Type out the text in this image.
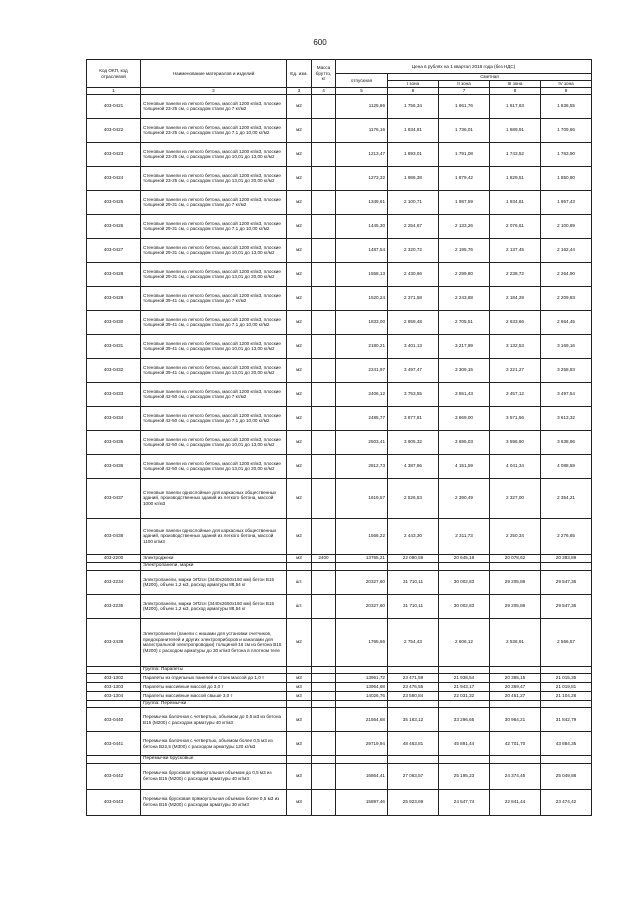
600
Код ОКП, код отраслевой	Наименование материалов и изделий	Ед. изм.	Масса брутто, кг	Цена в рублях на 1 квартал 2018 года (без НДС)				
				отпускная	Сметная			
					I зона	II зона	III зона	IV зона
1	2	3	4	5	6	7	8	9
403-0421	Стеновые панели из легкого бетона, массой 1200 кг/м3, плоские толщиной 23-25 см, с расходом стали до 7 кг/м2	м2		1125,86	1 756,34	1 661,76	1 617,63	1 636,55
403-0422	Стеновые панели из легкого бетона, массой 1200 кг/м3, плоские толщиной 23-25 см, с расходом стали до 7,1 до 10,00 кг/м2	м2		1176,16	1 834,81	1 736,01	1 689,91	1 709,66
403-0423	Стеновые панели из легкого бетона, массой 1200 кг/м3, плоские толщиной 23-25 см, с расходом стали до 10,01 до 13,00 кг/м2	м2		1213,47	1 893,01	1 791,08	1 743,52	1 763,90
403-0424	Стеновые панели из легкого бетона, массой 1200 кг/м3, плоские толщиной 23-25 см, с расходом стали до 13,01 до 20,00 кг/м2	м2		1273,32	1 986,38	1 879,42	1 829,51	1 850,90
403-0425	Стеновые панели из легкого бетона, массой 1200 кг/м3, плоские толщиной 29-31 см, с расходом стали до 7 кг/м2	м2		1349,61	2 100,71	1 987,59	1 934,81	1 957,43
403-0426	Стеновые панели из легкого бетона, массой 1200 кг/м3, плоские толщиной 29-31 см, с расходом стали до 7,1 до 10,00 кг/м2	м2		1445,30	2 254,67	2 133,26	2 076,61	2 100,89
403-0427	Стеновые панели из легкого бетона, массой 1200 кг/м3, плоские толщиной 29-31 см, с расходом стали до 10,01 до 13,00 кг/м2	м2		1487,54	2 320,72	2 195,76	2 137,45	2 162,44
403-0428	Стеновые панели из легкого бетона, массой 1200 кг/м3, плоские толщиной 29-31 см, с расходом стали до 13,01 до 20,00 кг/м2	м2		1558,13	2 430,66	2 299,80	2 238,72	2 264,90
403-0429	Стеновые панели из легкого бетона, массой 1200 кг/м3, плоские толщиной 39-41 см, с расходом стали до 7 кг/м2	м2		1520,24	2 371,58	2 243,88	2 184,29	2 209,83
403-0430	Стеновые панели из легкого бетона, массой 1200 кг/м3, плоские толщиной 39-41 см, с расходом стали до 7,1 до 10,00 кг/м2	м2		1833,00	2 859,48	2 705,51	2 633,66	2 664,45
403-0431	Стеновые панели из легкого бетона, массой 1200 кг/м3, плоские толщиной 39-41 см, с расходом стали до 10,01 до 13,00 кг/м2	м2		2180,21	3 401,13	3 217,99	3 132,53	3 169,16
403-0432	Стеновые панели из легкого бетона, массой 1200 кг/м3, плоские толщиной 39-41 см, с расходом стали до 13,01 до 20,00 кг/м2	м2		2241,97	3 497,47	3 309,15	3 221,27	3 258,93
403-0433	Стеновые панели из легкого бетона, массой 1200 кг/м3, плоские толщиной 42-50 см, с расходом стали до 7 кг/м2	м2		2406,12	3 753,55	3 551,43	3 457,12	3 497,54
403-0434	Стеновые панели из легкого бетона, массой 1200 кг/м3, плоские толщиной 42-50 см, с расходом стали до 7,1 до 10,00 кг/м2	м2		2485,77	3 877,81	3 669,00	3 571,56	3 613,32
403-0435	Стеновые панели из легкого бетона, массой 1200 кг/м3, плоские толщиной 42-50 см, с расходом стали до 10,01 до 13,00 кг/м2	м2		2503,41	3 905,32	3 695,03	3 596,90	3 638,96
403-0436	Стеновые панели из легкого бетона, массой 1200 кг/м3, плоские толщиной 42-50 см, с расходом стали до 13,01 до 20,00 кг/м2	м2		2812,73	4 387,86	4 151,59	4 041,34	4 088,59
403-0437	Стеновые панели однослойные для каркасных общественных зданий, производственных зданий из легкого бетона, массой 1000 кг/м3	м2		1619,57	2 526,53	2 390,49	2 327,00	2 354,21
403-0438	Стеновые панели однослойные для каркасных общественных зданий, производственных зданий из легкого бетона, массой 1100 кг/м3	м2		1566,22	2 443,30	2 311,73	2 250,34	2 276,65
403-2200	Электроджеки	м3	2400	13765,21	22 090,59	20 645,19	20 078,62	20 383,89
	Электропанели, марки							
403-2234	Электропанели, марки ЭП2сн (3440х2650х160 мм) бетон В15 (М200), объем 1,2 м3, расход арматуры 88,54 кг	шт.		20327,60	31 710,11	30 002,83	29 205,86	29 547,36
403-2235	Электропанели, марки ЭП2сн (3440х2650х160 мм) бетон В15 (М200), объем 1,2 м3, расход арматуры 88,54 кг	шт.		20327,60	31 710,11	30 002,83	29 205,86	29 547,36
403-2439	Электропанели (панели с нишами для установки счетчиков, предохранителей и других электроприборов и каналами для магистральной электропроводки) толщиной 16 см из бетона В15 (М200) с расходом арматуры до 30 кг/м3 бетона в плотном теле	м2		1765,66	2 754,43	2 606,12	2 536,91	2 566,57
	Группа: Парапеты							
403-1302	Парапеты из отдельных панелей и стоек массой до 1,0 т	м3		13961,72	23 471,59	21 938,54	20 365,15	21 015,35
403-1303	Парапеты массивные массой до 3,0 т	м3		13964,68	23 476,55	21 943,17	20 369,47	21 019,81
403-1304	Парапеты массивные массой свыше 3,0 т	м3		14026,76	23 580,84	22 031,32	20 451,27	21 104,28
	Группа: Перемычки							
403-0440	Перемычка балочная с четвертью, объемом до 0,5 м3 из бетона В15 (М200) с расходом арматуры 40 кг/м3	м3		21564,68	35 163,12	33 296,65	30 964,21	31 842,79
403-0441	Перемычка балочная с четвертью, объемом более 0,5 м3 из бетона В22,5 (М300) с расходом арматуры 120 кг/м3	м3		29719,94	48 463,81	45 891,44	42 701,70	43 884,35
	Перемычки брусковые							
403-0442	Перемычка брусковая прямоугольная объемом до 0,5 м3 из бетона В15 (М200) с расходом арматуры 40 кг/м3	м3		16864,41	27 063,57	25 195,23	24 374,45	25 049,88
403-0443	Перемычка брусковая прямоугольная объемом более 0,5 м3 из бетона В15 (М200) с расходом арматуры 30 кг/м3	м3		15897,46	25 923,69	24 547,74	22 841,44	23 474,42
